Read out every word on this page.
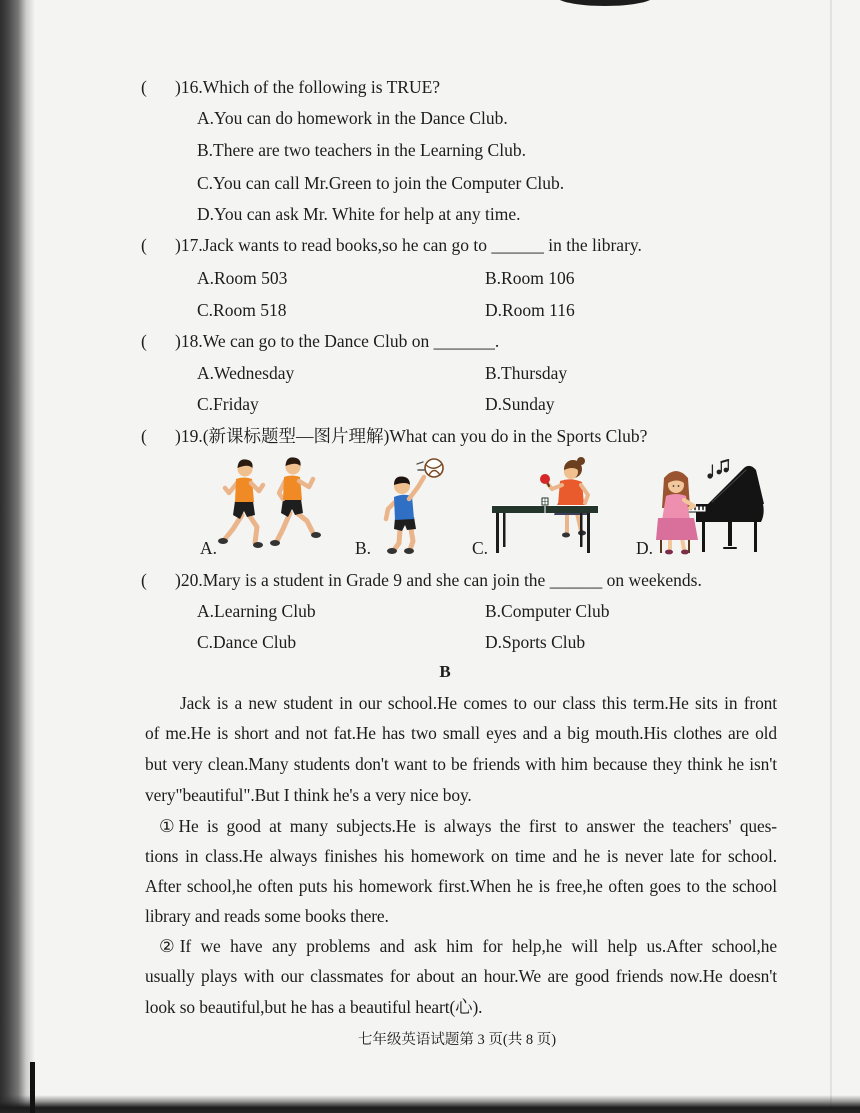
( )16.Which of the following is TRUE?
A.You can do homework in the Dance Club.
B.There are two teachers in the Learning Club.
C.You can call Mr.Green to join the Computer Club.
D.You can ask Mr. White for help at any time.
( )17.Jack wants to read books,so he can go to ______ in the library.
A.Room 503	B.Room 106
C.Room 518	D.Room 116
( )18.We can go to the Dance Club on _______.
A.Wednesday	B.Thursday
C.Friday	D.Sunday
( )19.(新课标题型—图片理解)What can you do in the Sports Club?
A.	B.	C.	D.
( )20.Mary is a student in Grade 9 and she can join the ______ on weekends.
A.Learning Club	B.Computer Club
C.Dance Club	D.Sports Club
B
Jack is a new student in our school.He comes to our class this term.He sits in front
of me.He is short and not fat.He has two small eyes and a big mouth.His clothes are old
but very clean.Many students don't want to be friends with him because they think he isn't
very"beautiful".But I think he's a very nice boy.
①He is good at many subjects.He is always the first to answer the teachers' ques-
tions in class.He always finishes his homework on time and he is never late for school.
After school,he often puts his homework first.When he is free,he often goes to the school
library and reads some books there.
②If we have any problems and ask him for help,he will help us.After school,he
usually plays with our classmates for about an hour.We are good friends now.He doesn't
look so beautiful,but he has a beautiful heart(心).
七年级英语试题第 3 页(共 8 页)
